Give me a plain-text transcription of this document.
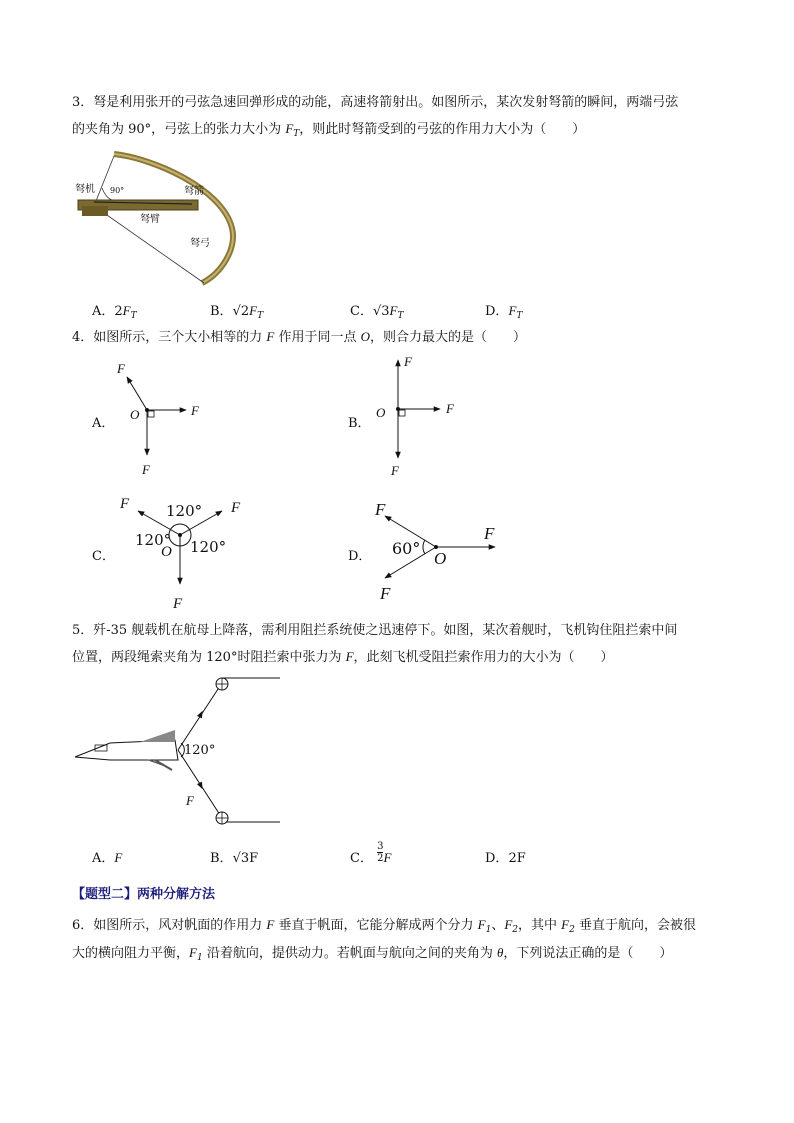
3．弩是利用张开的弓弦急速回弹形成的动能，高速将箭射出。如图所示，某次发射弩箭的瞬间，两端弓弦
的夹角为 90°，弓弦上的张力大小为 $F_T$，则此时弩箭受到的弓弦的作用力大小为（　　）
弩机 90°	弩箭
弩臂
弩弓
A．$2F_T$	B．$√2F_T$	C．$√3F_T$	D．$F_T$
4．如图所示，三个大小相等的力 F 作用于同一点 O，则合力最大的是（　　）
A．
F
F
F
O
B．
F
F
F
O
C．
F	F
F
O
120°
120° 120°
D．
F
F
F
O
60°
5．歼-35 舰载机在航母上降落，需利用阻拦系统使之迅速停下。如图，某次着舰时，飞机钩住阻拦索中间
位置，两段绳索夹角为 120°时阻拦索中张力为 F，此刻飞机受阻拦索作用力的大小为（　　）
120°
F
A．F	B．√3F	C． $\frac{3}{2}$ F	D．2F
【题型二】两种分解方法
6．如图所示，风对帆面的作用力 F 垂直于帆面，它能分解成两个分力 $F_1$、$F_2$，其中 $F_2$ 垂直于航向，会被很
大的横向阻力平衡，$F_1$ 沿着航向，提供动力。若帆面与航向之间的夹角为 θ，下列说法正确的是（　　）
